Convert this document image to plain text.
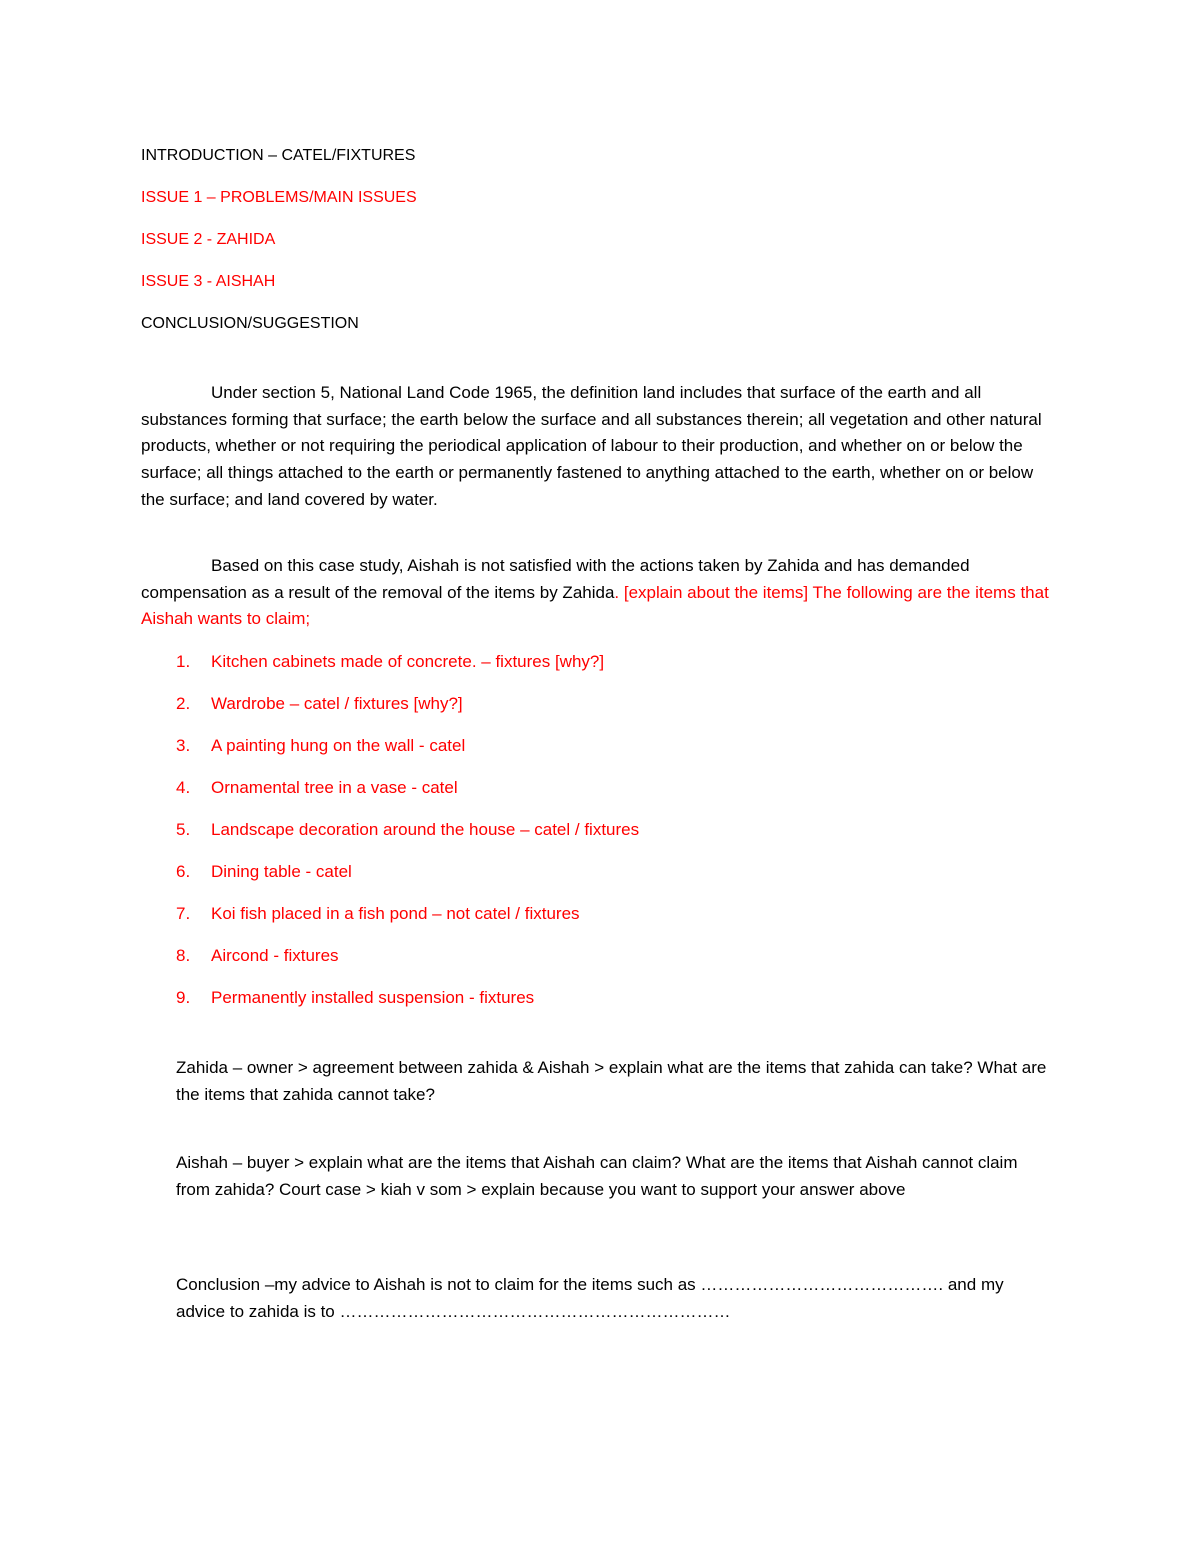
INTRODUCTION – CATEL/FIXTURES

ISSUE 1 – PROBLEMS/MAIN ISSUES

ISSUE 2 - ZAHIDA

ISSUE 3 - AISHAH

CONCLUSION/SUGGESTION

Under section 5, National Land Code 1965, the definition land includes that surface of the earth and all substances forming that surface; the earth below the surface and all substances therein; all vegetation and other natural products, whether or not requiring the periodical application of labour to their production, and whether on or below the surface; all things attached to the earth or permanently fastened to anything attached to the earth, whether on or below the surface; and land covered by water.

Based on this case study, Aishah is not satisfied with the actions taken by Zahida and has demanded compensation as a result of the removal of the items by Zahida. [explain about the items] The following are the items that Aishah wants to claim;

1. Kitchen cabinets made of concrete. – fixtures [why?]
2. Wardrobe – catel / fixtures [why?]
3. A painting hung on the wall - catel
4. Ornamental tree in a vase - catel
5. Landscape decoration around the house – catel / fixtures
6. Dining table - catel
7. Koi fish placed in a fish pond – not catel / fixtures
8. Aircond - fixtures
9. Permanently installed suspension - fixtures

Zahida – owner > agreement between zahida & Aishah > explain what are the items that zahida can take? What are the items that zahida cannot take?

Aishah – buyer > explain what are the items that Aishah can claim? What are the items that Aishah cannot claim from zahida? Court case > kiah v som > explain because you want to support your answer above

Conclusion –my advice to Aishah is not to claim for the items such as ……………………………………. and my advice to zahida is to ……………………………………………………………
